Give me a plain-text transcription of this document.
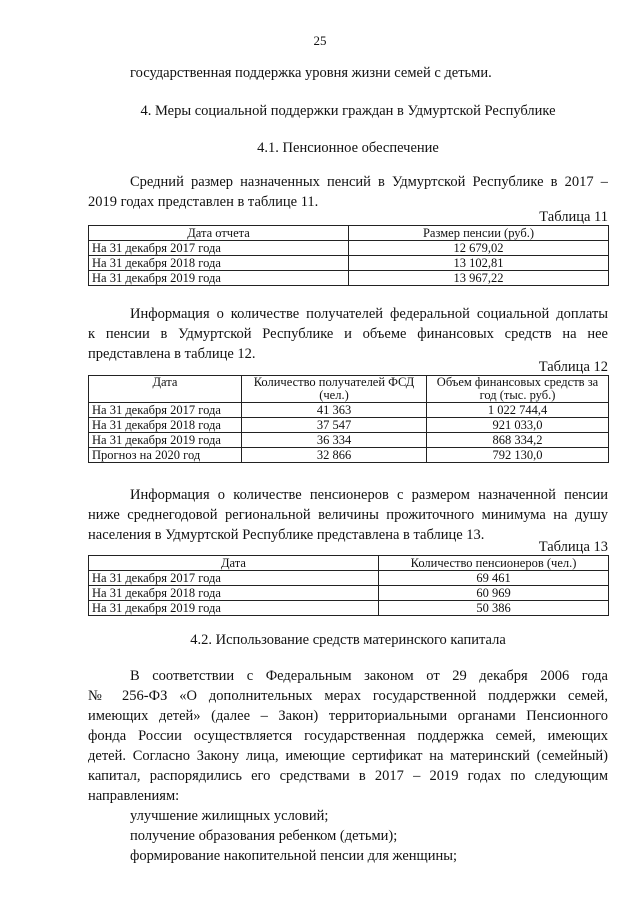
25
государственная поддержка уровня жизни семей с детьми.
4. Меры социальной поддержки граждан в Удмуртской Республике
4.1. Пенсионное обеспечение
Средний размер назначенных пенсий в Удмуртской Республике в 2017 –
2019 годах представлен в таблице 11.
Таблица 11
Дата отчета	Размер пенсии (руб.)
На 31 декабря 2017 года	12 679,02
На 31 декабря 2018 года	13 102,81
На 31 декабря 2019 года	13 967,22
Информация о количестве получателей федеральной социальной доплаты
к пенсии в Удмуртской Республике и объеме финансовых средств на нее
представлена в таблице 12.
Таблица 12
Дата	Количество получателей ФСД (чел.)	Объем финансовых средств за год (тыс. руб.)
На 31 декабря 2017 года	41 363	1 022 744,4
На 31 декабря 2018 года	37 547	921 033,0
На 31 декабря 2019 года	36 334	868 334,2
Прогноз на 2020 год	32 866	792 130,0
Информация о количестве пенсионеров с размером назначенной пенсии
ниже среднегодовой региональной величины прожиточного минимума на душу
населения в Удмуртской Республике представлена в таблице 13.
Таблица 13
Дата	Количество пенсионеров (чел.)
На 31 декабря 2017 года	69 461
На 31 декабря 2018 года	60 969
На 31 декабря 2019 года	50 386
4.2. Использование средств материнского капитала
В соответствии с Федеральным законом от 29 декабря 2006 года
№ 256-ФЗ «О дополнительных мерах государственной поддержки семей,
имеющих детей» (далее – Закон) территориальными органами Пенсионного
фонда России осуществляется государственная поддержка семей, имеющих
детей. Согласно Закону лица, имеющие сертификат на материнский (семейный)
капитал, распорядились его средствами в 2017 – 2019 годах по следующим
направлениям:
улучшение жилищных условий;
получение образования ребенком (детьми);
формирование накопительной пенсии для женщины;
